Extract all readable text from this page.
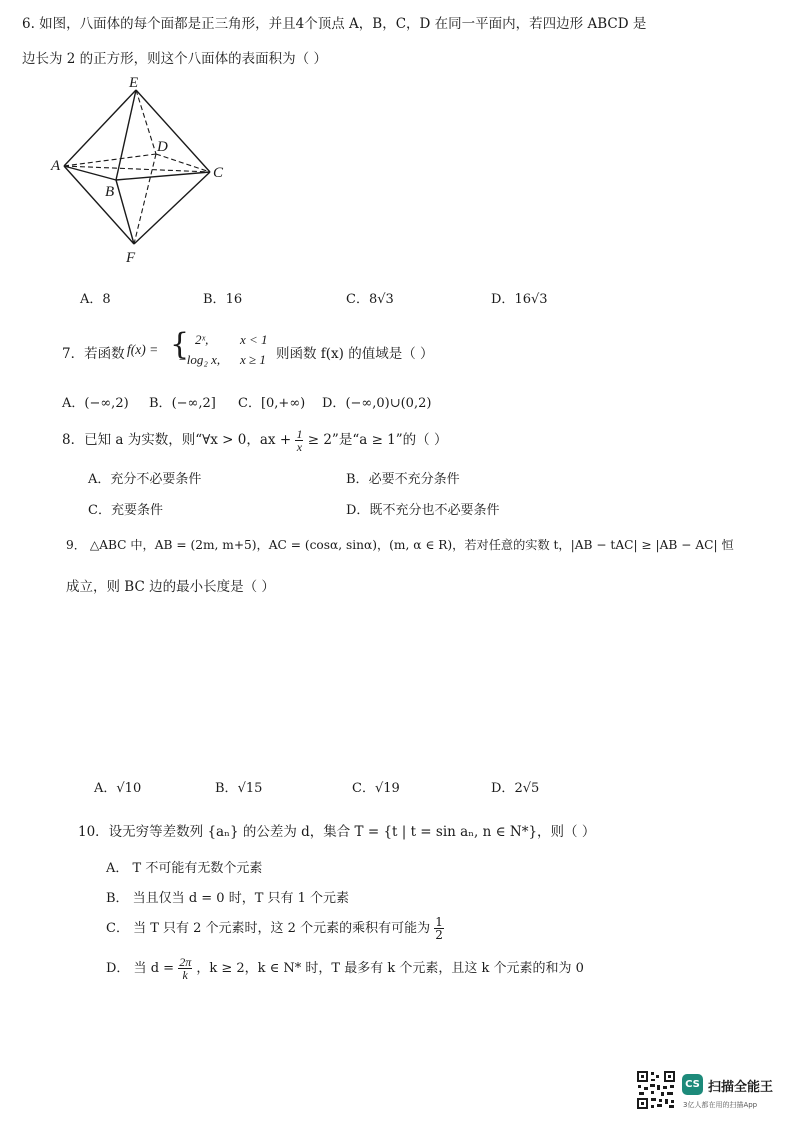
6. 如图，八面体的每个面都是正三角形，并且4个顶点 A，B，C，D 在同一平面内，若四边形 ABCD 是
边长为 2 的正方形，则这个八面体的表面积为（ ）
E
A
D
C
B
F
A．8	B．16	C．8√3	D．16√3
7．若函数 f(x) = { 2ˣ, x < 1
−log₂ x, x ≥ 1 则函数 f(x) 的值域是（ ）
A．(−∞,2) B．(−∞,2] C．[0,+∞) D．(−∞,0)∪(0,2)
8．已知 a 为实数，则“∀x > 0，ax + $\frac{1}{x} \ge 2$”是“a ≥ 1”的（ ）
A．充分不必要条件	B．必要不充分条件
C．充要条件	D．既不充分也不必要条件
9． △ABC 中，AB = (2m, m+5)，AC = (cosα, sinα)，(m, α ∈ R)，若对任意的实数 t，|AB − tAC| ≥ |AB − AC| 恒
成立，则 BC 边的最小长度是（ ）
A．√10	B．√15	C．√19	D．2√5
10．设无穷等差数列 {aₙ} 的公差为 d，集合 T = {t | t = sin aₙ, n ∈ N*}，则（ ）
A． T 不可能有无数个元素
B． 当且仅当 d = 0 时，T 只有 1 个元素
C． 当 T 只有 2 个元素时，这 2 个元素的乘积有可能为 $\frac{1}{2}$
D． 当 $d = \frac{2\pi}{k}$ ，k ≥ 2，k ∈ N* 时，T 最多有 k 个元素，且这 k 个元素的和为 0
CS 扫描全能王
3亿人都在用的扫描App
